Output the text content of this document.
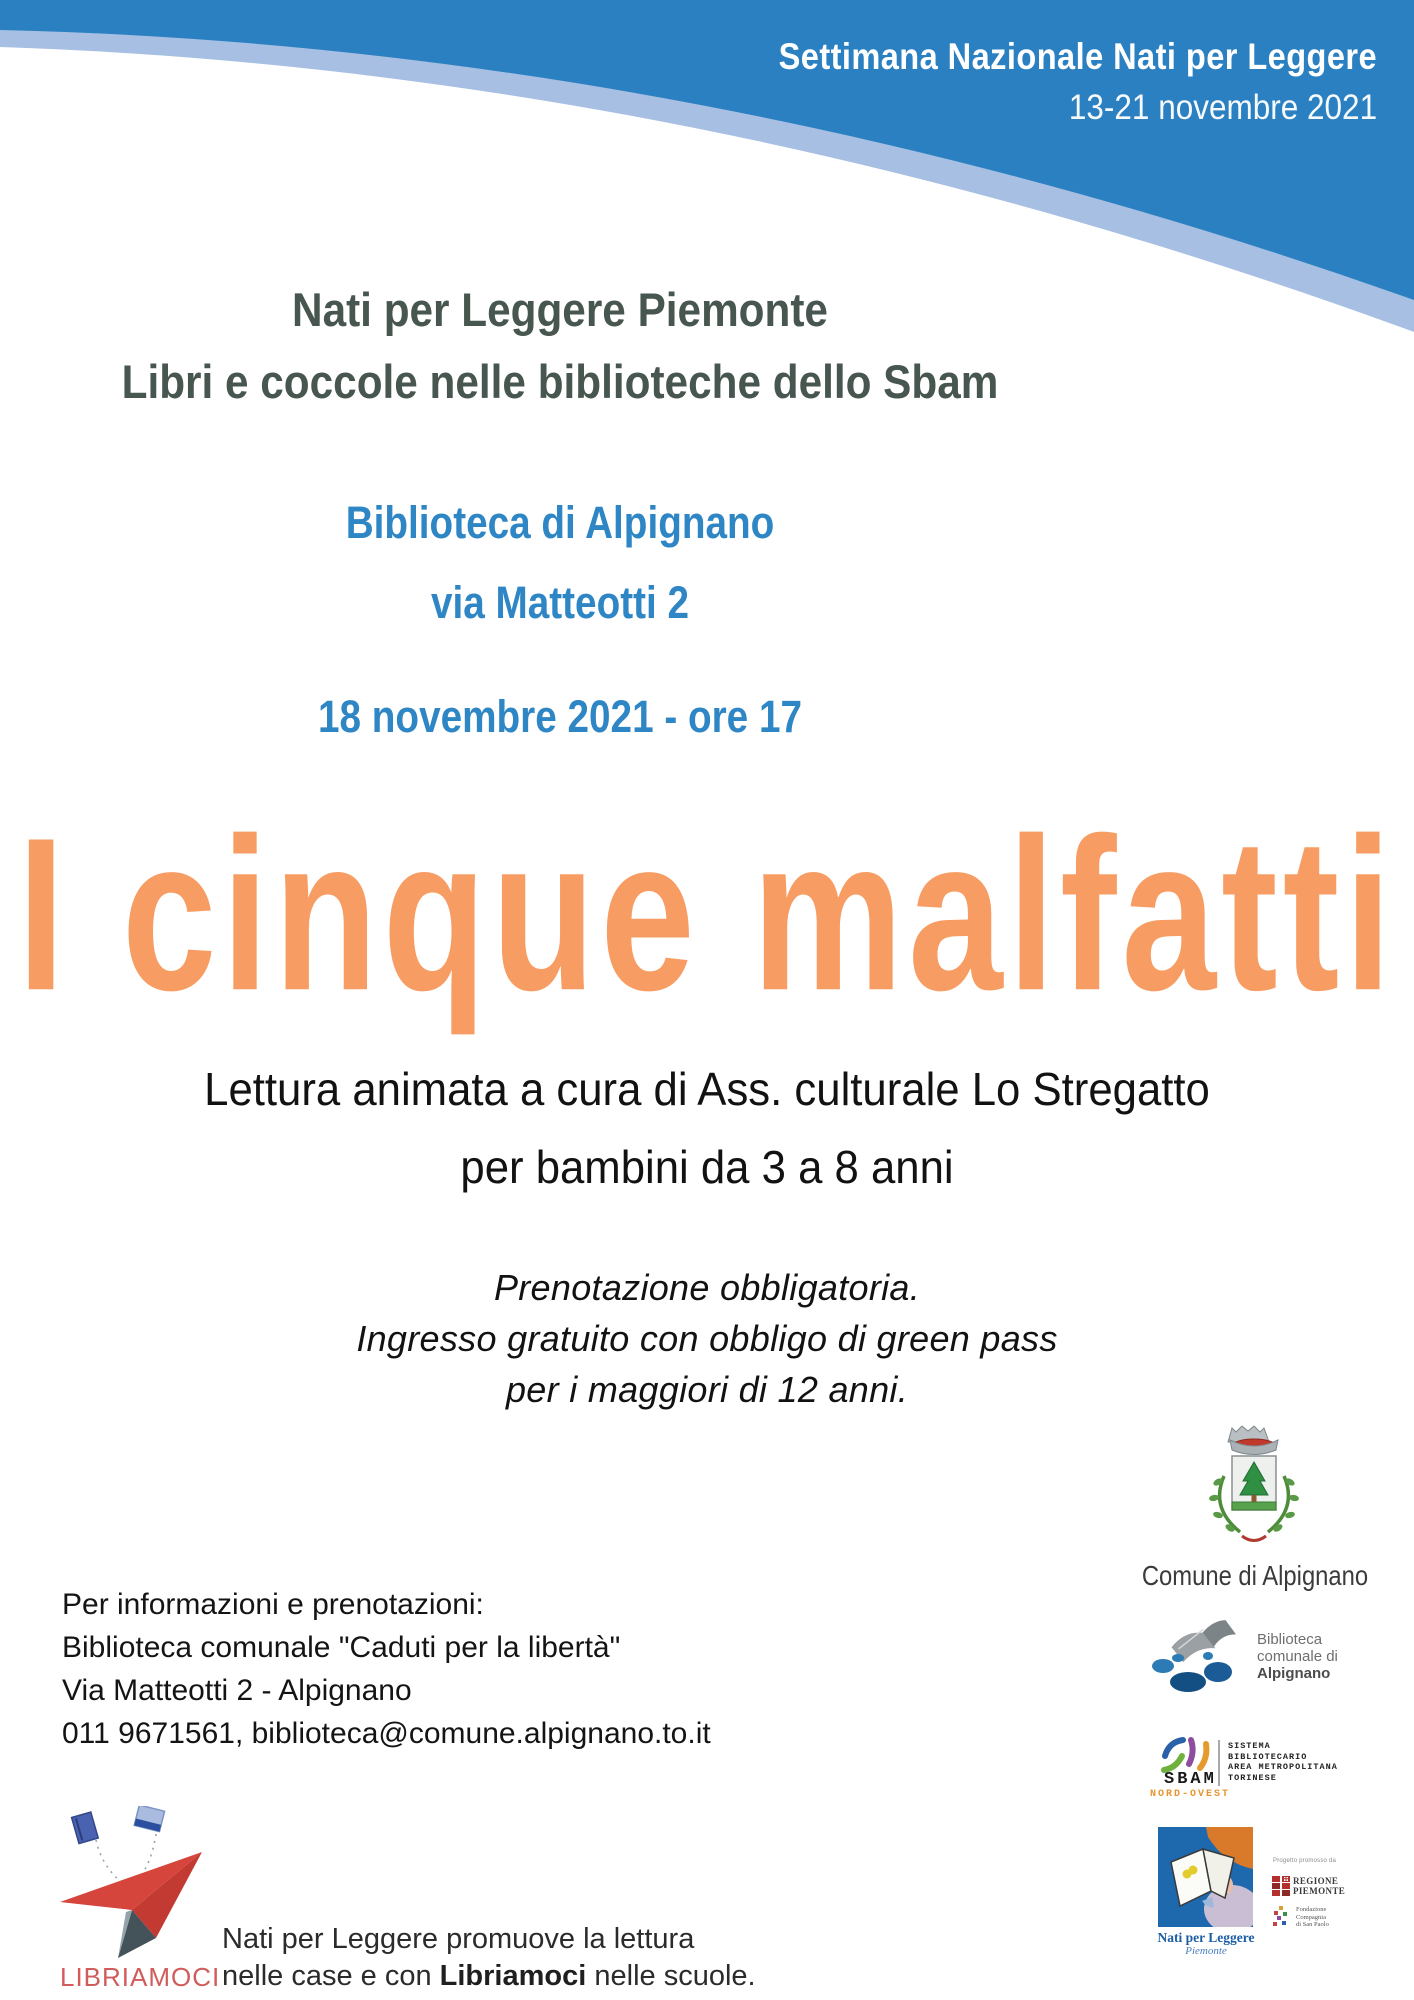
Settimana Nazionale Nati per Leggere
13-21 novembre 2021
Nati per Leggere Piemonte
Libri e coccole nelle biblioteche dello Sbam
Biblioteca di Alpignano
via Matteotti 2
18 novembre 2021 - ore 17
I cinque malfatti
Lettura animata a cura di Ass. culturale Lo Stregatto
per bambini da 3 a 8 anni
Prenotazione obbligatoria.
Ingresso gratuito con obbligo di green pass
per i maggiori di 12 anni.
Comune di Alpignano
Per informazioni e prenotazioni:
Biblioteca comunale "Caduti per la libertà"
Via Matteotti 2 - Alpignano
011 9671561, biblioteca@comune.alpignano.to.it
Biblioteca
comunale di
Alpignano
SBAM
NORD-OVEST
SISTEMA
BIBLIOTECARIO
AREA METROPOLITANA
TORINESE
Nati per Leggere
Piemonte
Progetto promosso da
REGIONE
PIEMONTE
Fondazione
Compagnia
di San Paolo
LIBRIAMOCI
Nati per Leggere promuove la lettura
nelle case e con Libriamoci nelle scuole.
